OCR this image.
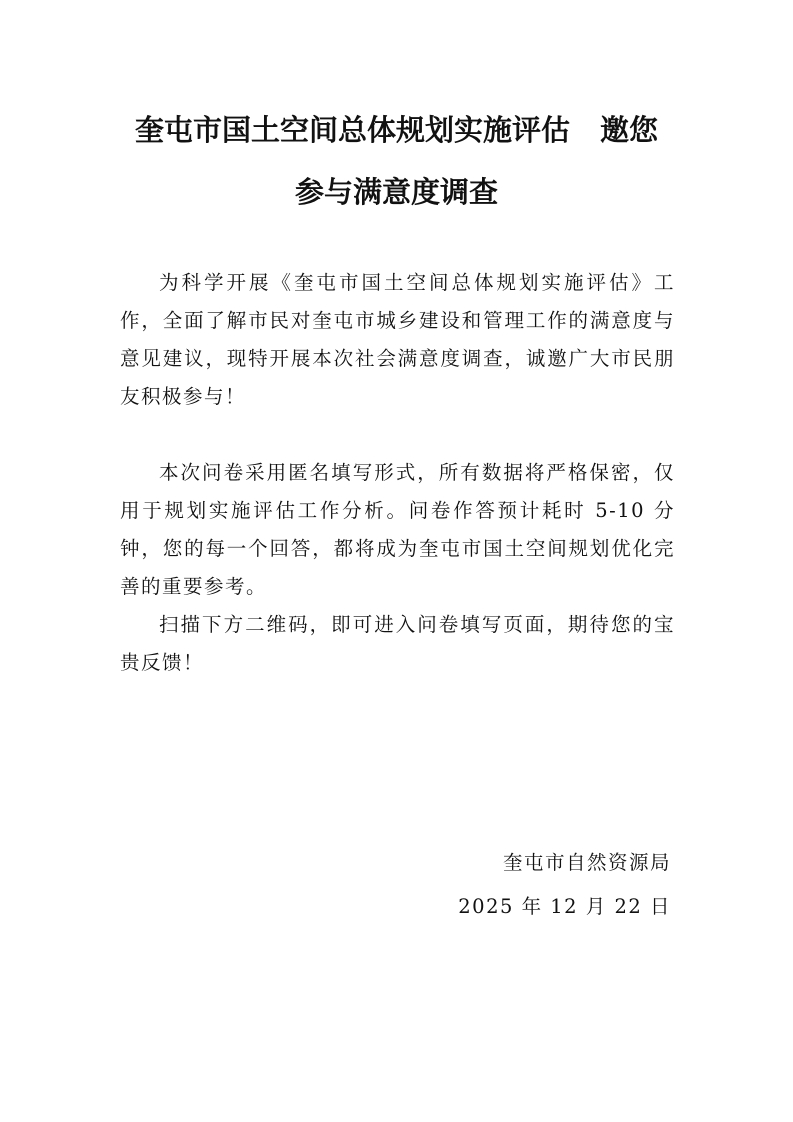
奎屯市国土空间总体规划实施评估 邀您
参与满意度调查

为科学开展《奎屯市国土空间总体规划实施评估》工作，全面了解市民对奎屯市城乡建设和管理工作的满意度与意见建议，现特开展本次社会满意度调查，诚邀广大市民朋友积极参与！

本次问卷采用匿名填写形式，所有数据将严格保密，仅用于规划实施评估工作分析。问卷作答预计耗时 5-10 分钟，您的每一个回答，都将成为奎屯市国土空间规划优化完善的重要参考。

扫描下方二维码，即可进入问卷填写页面，期待您的宝贵反馈！

奎屯市自然资源局
2025 年 12 月 22 日
